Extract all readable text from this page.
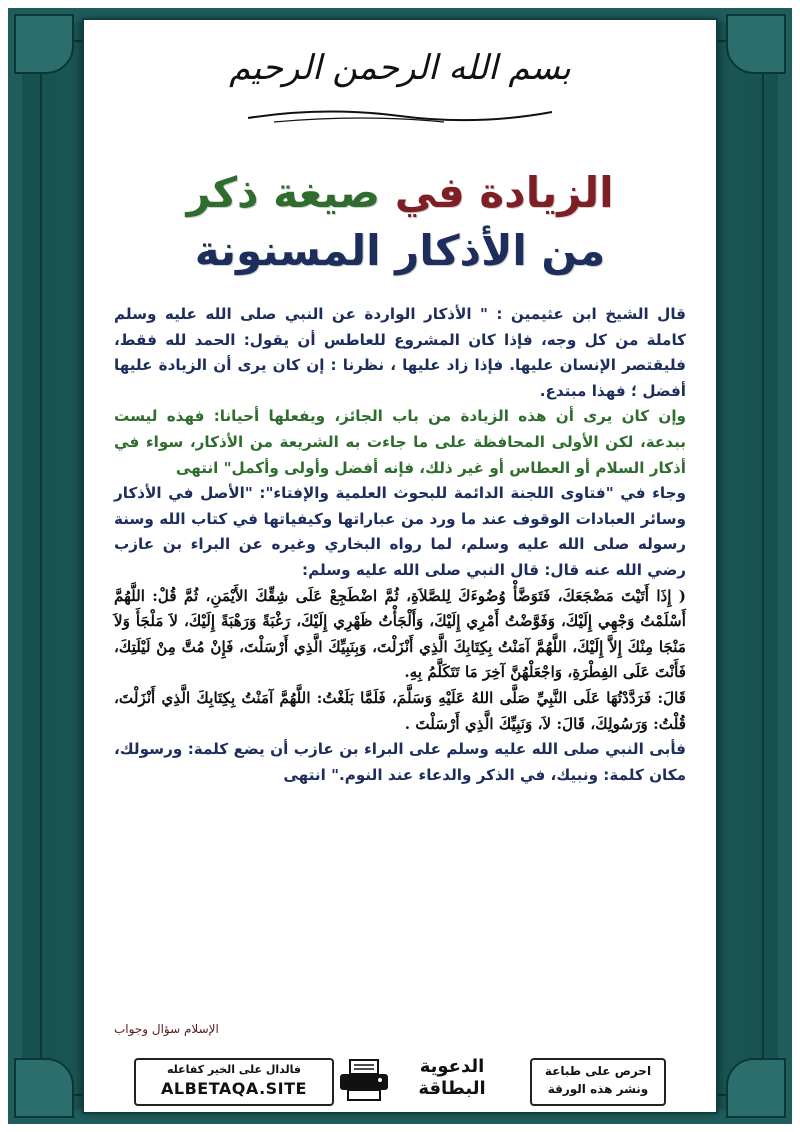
بسم الله الرحمن الرحيم
الزيادة في صيغة ذكر
من الأذكار المسنونة

قال الشيخ ابن عثيمين : " الأذكار الواردة عن النبي صلى الله عليه وسلم كاملة من كل وجه، فإذا كان المشروع للعاطس أن يقول: الحمد لله فقط، فليقتصر الإنسان عليها. فإذا زاد عليها ، نظرنا : إن كان يرى أن الزيادة عليها أفضل ؛ فهذا مبتدع.

وإن كان يرى أن هذه الزيادة من باب الجائز، ويفعلها أحيانا: فهذه ليست ببدعة، لكن الأولى المحافظة على ما جاءت به الشريعة من الأذكار، سواء في أذكار السلام أو العطاس أو غير ذلك، فإنه أفضل وأولى وأكمل" انتهى

وجاء في "فتاوى اللجنة الدائمة للبحوث العلمية والإفتاء": "الأصل في الأذكار وسائر العبادات الوقوف عند ما ورد من عباراتها وكيفياتها في كتاب الله وسنة رسوله صلى الله عليه وسلم، لما رواه البخاري وغيره عن البراء بن عازب رضي الله عنه قال: قال النبي صلى الله عليه وسلم:

( إِذَا أَتَيْتَ مَضْجَعَكَ، فَتَوَضَّأْ وُضُوءَكَ لِلصَّلاَةِ، ثُمَّ اضْطَجِعْ عَلَى شِقِّكَ الأَيْمَنِ، ثُمَّ قُلْ: اللَّهُمَّ أَسْلَمْتُ وَجْهِي إِلَيْكَ، وَفَوَّضْتُ أَمْرِي إِلَيْكَ، وَأَلْجَأْتُ ظَهْرِي إِلَيْكَ، رَغْبَةً وَرَهْبَةً إِلَيْكَ، لاَ مَلْجَأَ وَلاَ مَنْجَا مِنْكَ إِلاَّ إِلَيْكَ، اللَّهُمَّ آمَنْتُ بِكِتَابِكَ الَّذِي أَنْزَلْتَ، وَبِنَبِيِّكَ الَّذِي أَرْسَلْتَ، فَإِنْ مُتَّ مِنْ لَيْلَتِكَ، فَأَنْتَ عَلَى الفِطْرَةِ، وَاجْعَلْهُنَّ آخِرَ مَا تَتَكَلَّمُ بِهِ.

قَالَ: فَرَدَّدْتُهَا عَلَى النَّبِيِّ صَلَّى اللهُ عَلَيْهِ وَسَلَّمَ، فَلَمَّا بَلَغْتُ: اللَّهُمَّ آمَنْتُ بِكِتَابِكَ الَّذِي أَنْزَلْتَ، قُلْتُ: وَرَسُولِكَ، قَالَ: لاَ، وَنَبِيِّكَ الَّذِي أَرْسَلْتَ .

فأبى النبي صلى الله عليه وسلم على البراء بن عازب أن يضع كلمة: ورسولك، مكان كلمة: ونبيك، في الذكر والدعاء عند النوم." انتهى

الإسلام سؤال وجواب
احرص على طباعة
ونشر هذه الورقة
الدعوية
البطاقة
فالدال على الخير كفاعله
ALBETAQA.SITE
